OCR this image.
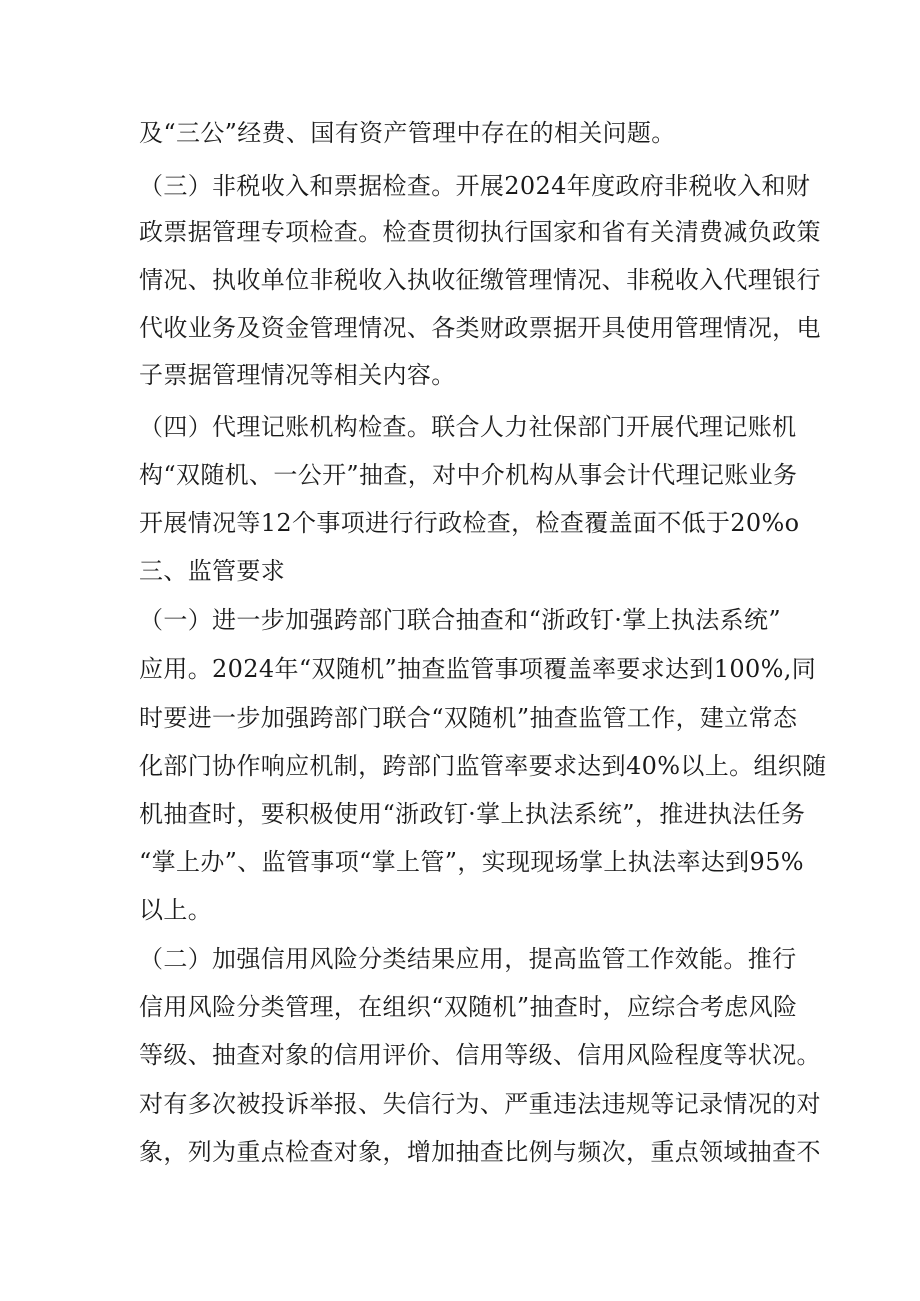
及“三公”经费、国有资产管理中存在的相关问题。

（三）非税收入和票据检查。开展2024年度政府非税收入和财

政票据管理专项检查。检查贯彻执行国家和省有关清费减负政策

情况、执收单位非税收入执收征缴管理情况、非税收入代理银行

代收业务及资金管理情况、各类财政票据开具使用管理情况，电

子票据管理情况等相关内容。

（四）代理记账机构检查。联合人力社保部门开展代理记账机

构“双随机、一公开”抽查，对中介机构从事会计代理记账业务

开展情况等12个事项进行行政检查，检查覆盖面不低于20%o

三、监管要求

（一）进一步加强跨部门联合抽查和“浙政钉·掌上执法系统”

应用。2024年“双随机”抽查监管事项覆盖率要求达到100%,同

时要进一步加强跨部门联合“双随机”抽查监管工作，建立常态

化部门协作响应机制，跨部门监管率要求达到40%以上。组织随

机抽查时，要积极使用“浙政钉·掌上执法系统”，推进执法任务

“掌上办”、监管事项“掌上管”，实现现场掌上执法率达到95%

以上。

（二）加强信用风险分类结果应用，提高监管工作效能。推行

信用风险分类管理，在组织“双随机”抽查时，应综合考虑风险

等级、抽查对象的信用评价、信用等级、信用风险程度等状况。

对有多次被投诉举报、失信行为、严重违法违规等记录情况的对

象，列为重点检查对象，增加抽查比例与频次，重点领域抽查不
